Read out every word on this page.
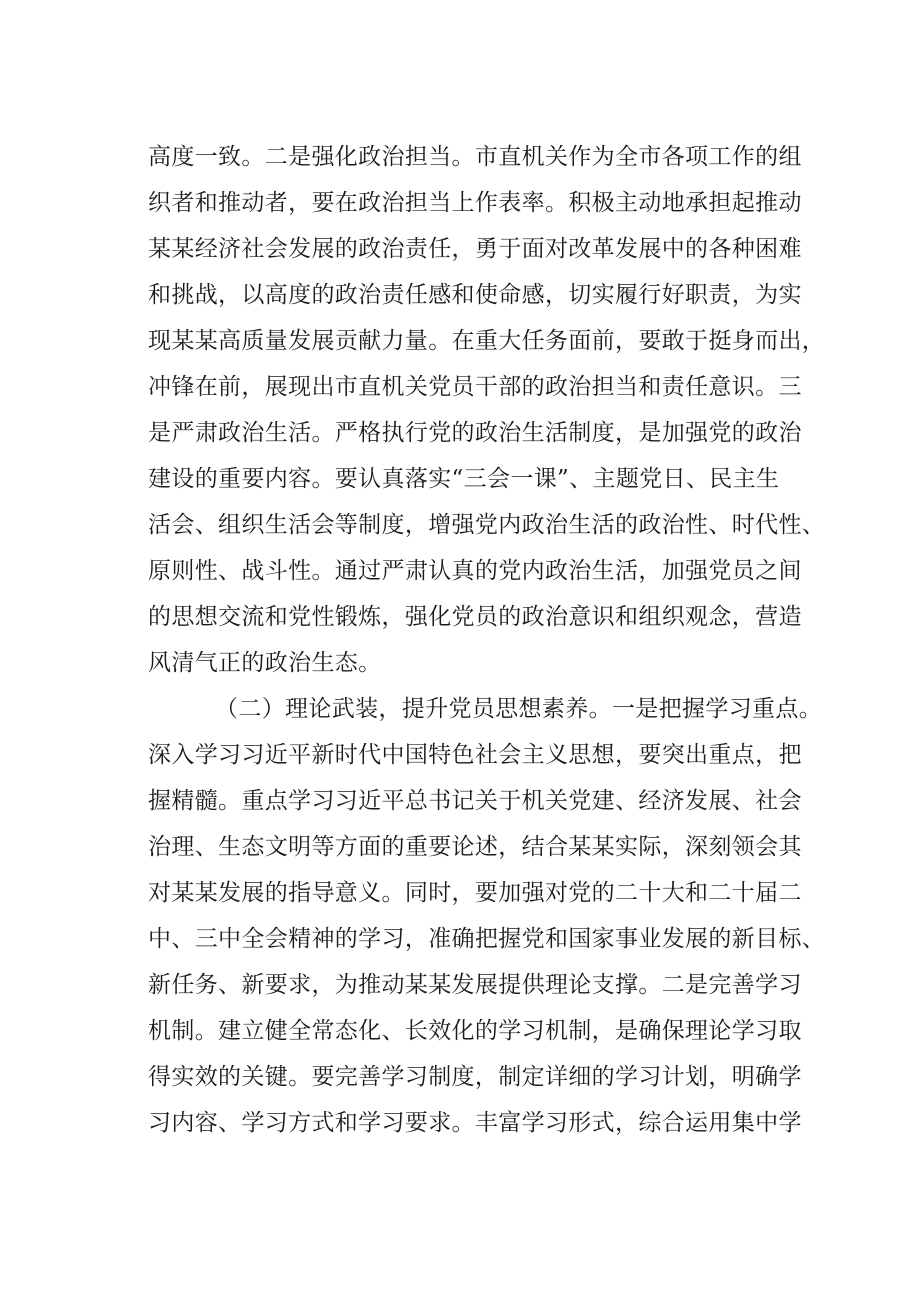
高度一致。二是强化政治担当。市直机关作为全市各项工作的组
织者和推动者，要在政治担当上作表率。积极主动地承担起推动
某某经济社会发展的政治责任，勇于面对改革发展中的各种困难
和挑战，以高度的政治责任感和使命感，切实履行好职责，为实
现某某高质量发展贡献力量。在重大任务面前，要敢于挺身而出，
冲锋在前，展现出市直机关党员干部的政治担当和责任意识。三
是严肃政治生活。严格执行党的政治生活制度，是加强党的政治
建设的重要内容。要认真落实“三会一课”、主题党日、民主生
活会、组织生活会等制度，增强党内政治生活的政治性、时代性、
原则性、战斗性。通过严肃认真的党内政治生活，加强党员之间
的思想交流和党性锻炼，强化党员的政治意识和组织观念，营造
风清气正的政治生态。
（二）理论武装，提升党员思想素养。一是把握学习重点。
深入学习习近平新时代中国特色社会主义思想，要突出重点，把
握精髓。重点学习习近平总书记关于机关党建、经济发展、社会
治理、生态文明等方面的重要论述，结合某某实际，深刻领会其
对某某发展的指导意义。同时，要加强对党的二十大和二十届二
中、三中全会精神的学习，准确把握党和国家事业发展的新目标、
新任务、新要求，为推动某某发展提供理论支撑。二是完善学习
机制。建立健全常态化、长效化的学习机制，是确保理论学习取
得实效的关键。要完善学习制度，制定详细的学习计划，明确学
习内容、学习方式和学习要求。丰富学习形式，综合运用集中学
